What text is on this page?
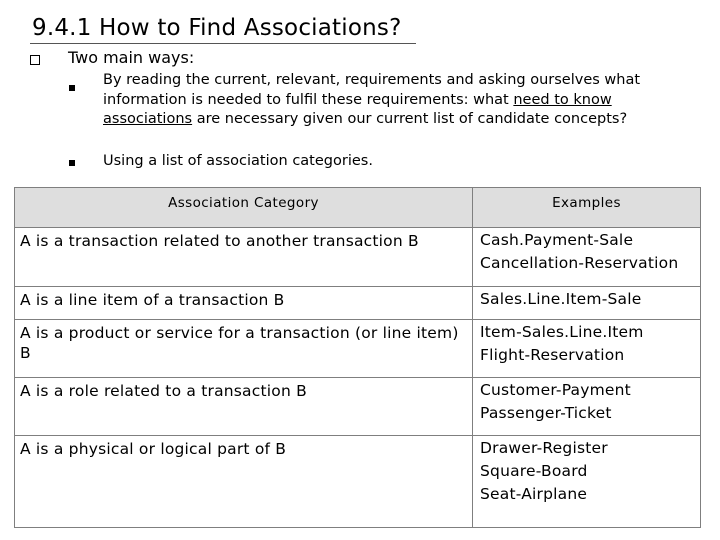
9.4.1 How to Find Associations?
Two main ways:
By reading the current, relevant, requirements and asking ourselves what information is needed to fulfil these requirements: what need to know associations are necessary given our current list of candidate concepts?
Using a list of association categories.
Association Category	Examples
A is a transaction related to another transaction B	Cash.Payment-Sale
Cancellation-Reservation

A is a line item of a transaction B	Sales.Line.Item-Sale

A is a product or service for a transaction (or line item) B	Item-Sales.Line.Item
Flight-Reservation

A is a role related to a transaction B	Customer-Payment
Passenger-Ticket

A is a physical or logical part of B	Drawer-Register
Square-Board
Seat-Airplane
